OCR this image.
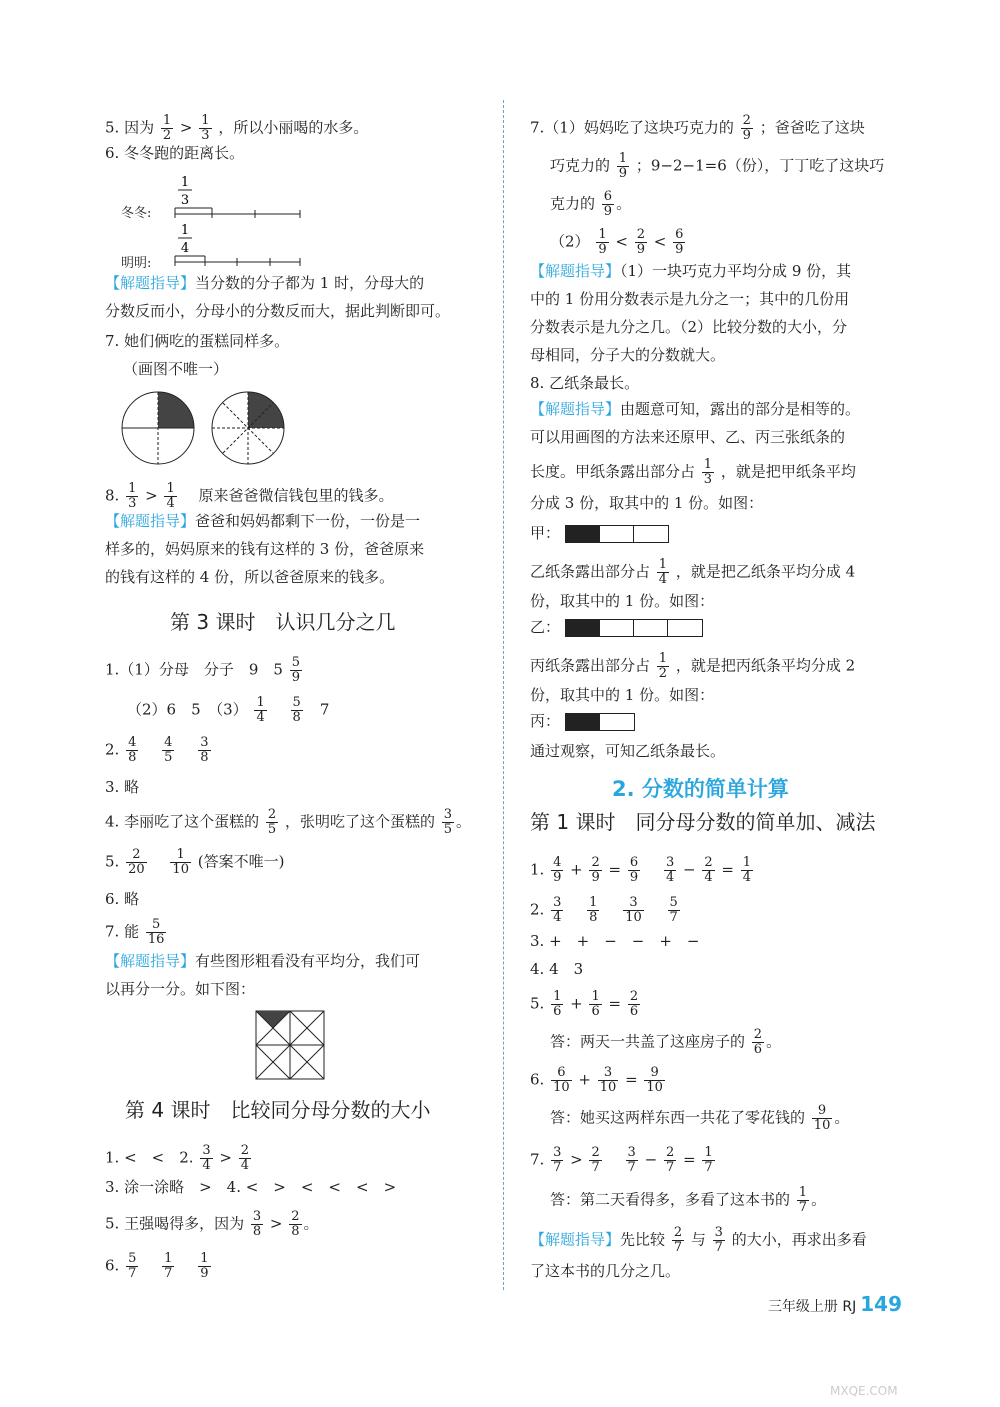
5. 因为 $\frac{1}{2} > \frac{1}{3}$ ，所以小丽喝的水多。
6. 冬冬跑的距离长。
1
3
1
4
冬冬:
明明:
【解题指导】当分数的分子都为 1 时，分母大的
分数反而小，分母小的分数反而大，据此判断即可。
7. 她们俩吃的蛋糕同样多。
（画图不唯一）
8. $\frac{1}{3} > \frac{1}{4}$
　 原来爸爸微信钱包里的钱多。
【解题指导】爸爸和妈妈都剩下一份，一份是一
样多的，妈妈原来的钱有这样的 3 份，爸爸原来
的钱有这样的 4 份，所以爸爸原来的钱多。
第 3 课时　认识几分之几
1.（1）分母　分子　9　$5 \frac{5}{9}$
（2）6　5　$(3) \frac{1}{4}$
　 $\frac{5}{8}$ 　7
2. $\frac{4}{8}$
　 $\frac{4}{5}$
　 $\frac{3}{8}$
3. 略
4. 李丽吃了这个蛋糕的 $\frac{2}{5}$ ，张明吃了这个蛋糕的 $\frac{3}{5}$ 。
5. $\frac{2}{20}$
　 $\frac{1}{10}$ (答案不唯一)
6. 略
7. 能 $\frac{5}{16}$
【解题指导】有些图形粗看没有平均分，我们可
以再分一分。如下图：
第 4 课时　比较同分母分数的大小
1. <　<　2. $\frac{3}{4} > \frac{2}{4}$
3. 涂一涂略　>　4. <　>　<　<　<　>
5. 王强喝得多，因为 $\frac{3}{8} > \frac{2}{8}$ 。
6. $\frac{5}{7}$
　 $\frac{1}{7}$
　 $\frac{1}{9}$
7.（1）妈妈吃了这块巧克力的 $\frac{2}{9}$ ；爸爸吃了这块
巧克力的 $\frac{1}{9}$ ；9−2−1=6（份），丁丁吃了这块巧
克力的 $\frac{6}{9}$ 。
$(2) \frac{1}{9} < \frac{2}{9} < \frac{6}{9}$
【解题指导】（1）一块巧克力平均分成 9 份，其
中的 1 份用分数表示是九分之一；其中的几份用
分数表示是九分之几。（2）比较分数的大小，分
母相同，分子大的分数就大。
8. 乙纸条最长。
【解题指导】由题意可知，露出的部分是相等的。
可以用画图的方法来还原甲、乙、丙三张纸条的
长度。甲纸条露出部分占 $\frac{1}{3}$ ，就是把甲纸条平均
分成 3 份，取其中的 1 份。如图：
甲：
乙纸条露出部分占 $\frac{1}{4}$ ，就是把乙纸条平均分成 4
份，取其中的 1 份。如图：
乙：
丙纸条露出部分占 $\frac{1}{2}$ ，就是把丙纸条平均分成 2
份，取其中的 1 份。如图：
丙：
通过观察，可知乙纸条最长。
2. 分数的简单计算
第 1 课时　同分母分数的简单加、减法
1. $\frac{4}{9} + \frac{2}{9} = \frac{6}{9}$
　 $\frac{3}{4} - \frac{2}{4} = \frac{1}{4}$
2. $\frac{3}{4}$
　 $\frac{1}{8}$
　 $\frac{3}{10}$
　 $\frac{5}{7}$
3. +　+　−　−　+　−
4. 4　3
5. $\frac{1}{6} + \frac{1}{6} = \frac{2}{6}$
答：两天一共盖了这座房子的 $\frac{2}{6}$ 。
6. $\frac{6}{10} + \frac{3}{10} = \frac{9}{10}$
答：她买这两样东西一共花了零花钱的 $\frac{9}{10}$ 。
7. $\frac{3}{7} > \frac{2}{7}$
　 $\frac{3}{7} - \frac{2}{7} = \frac{1}{7}$
答：第二天看得多，多看了这本书的 $\frac{1}{7}$ 。
【解题指导】先比较 $\frac{2}{7}$ 与 $\frac{3}{7}$ 的大小，再求出多看
了这本书的几分之几。
三年级上册 RJ 149
MXQE.COM
